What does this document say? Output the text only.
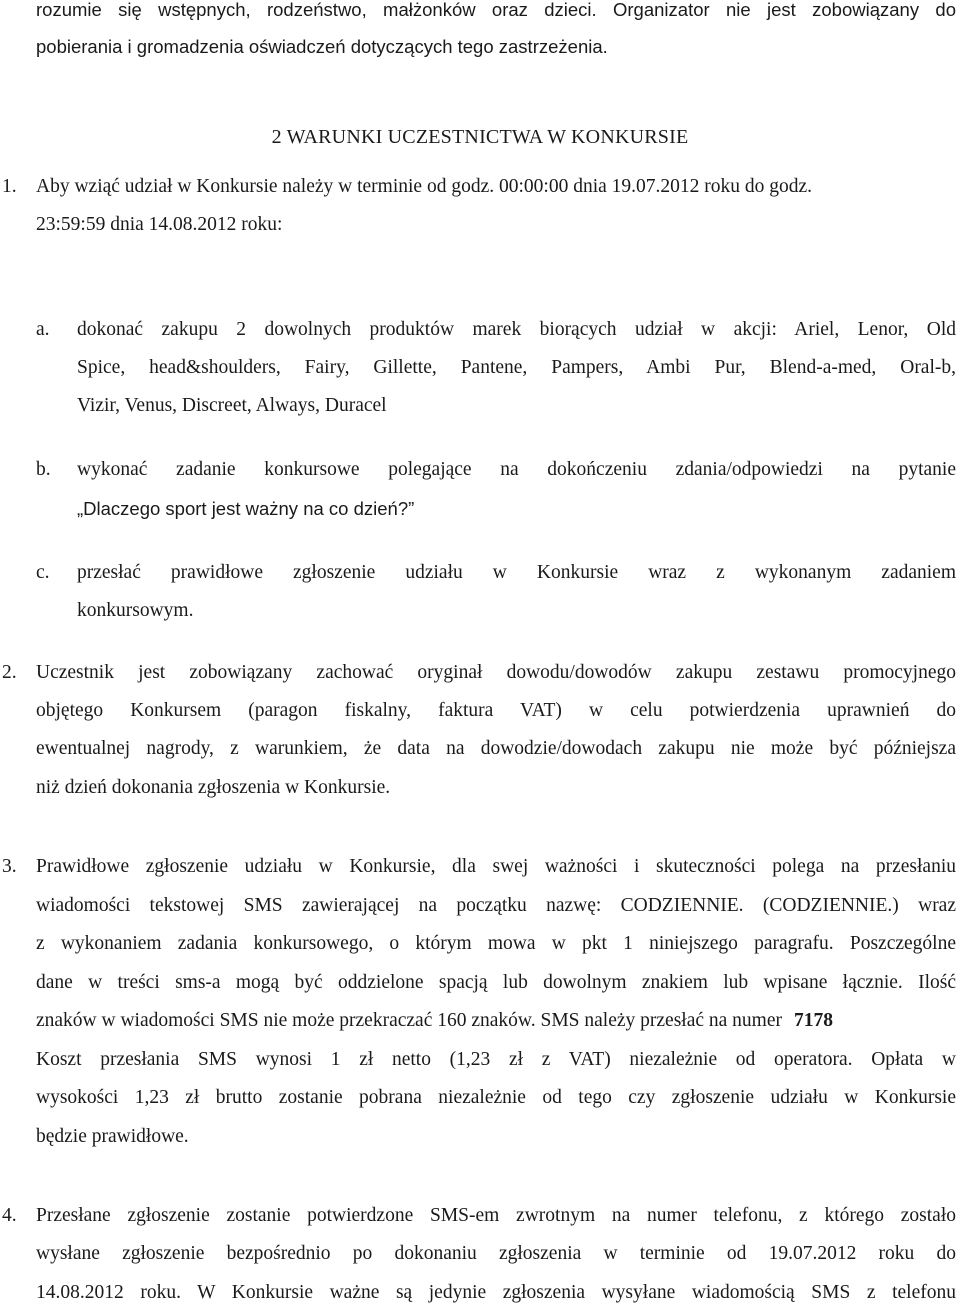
rozumie się wstępnych, rodzeństwo, małżonków oraz dzieci. Organizator nie jest zobowiązany do
pobierania i gromadzenia oświadczeń dotyczących tego zastrzeżenia.
2 WARUNKI UCZESTNICTWA W KONKURSIE
1. Aby wziąć udział w Konkursie należy w terminie od godz. 00:00:00 dnia 19.07.2012 roku do godz.
23:59:59 dnia 14.08.2012 roku:
a. dokonać zakupu 2 dowolnych produktów marek biorących udział w akcji: Ariel, Lenor, Old
Spice, head&shoulders, Fairy, Gillette, Pantene, Pampers, Ambi Pur, Blend-a-med, Oral-b,
Vizir, Venus, Discreet, Always, Duracel
b. wykonać zadanie konkursowe polegające na dokończeniu zdania/odpowiedzi na pytanie
„Dlaczego sport jest ważny na co dzień?”
c. przesłać prawidłowe zgłoszenie udziału w Konkursie wraz z wykonanym zadaniem
konkursowym.
2. Uczestnik jest zobowiązany zachować oryginał dowodu/dowodów zakupu zestawu promocyjnego
objętego Konkursem (paragon fiskalny, faktura VAT) w celu potwierdzenia uprawnień do
ewentualnej nagrody, z warunkiem, że data na dowodzie/dowodach zakupu nie może być późniejsza
niż dzień dokonania zgłoszenia w Konkursie.
3. Prawidłowe zgłoszenie udziału w Konkursie, dla swej ważności i skuteczności polega na przesłaniu
wiadomości tekstowej SMS zawierającej na początku nazwę: CODZIENNIE. (CODZIENNIE.) wraz
z wykonaniem zadania konkursowego, o którym mowa w pkt 1 niniejszego paragrafu. Poszczególne
dane w treści sms-a mogą być oddzielone spacją lub dowolnym znakiem lub wpisane łącznie. Ilość
znaków w wiadomości SMS nie może przekraczać 160 znaków. SMS należy przesłać na numer 7178
Koszt przesłania SMS wynosi 1 zł netto (1,23 zł z VAT) niezależnie od operatora. Opłata w
wysokości 1,23 zł brutto zostanie pobrana niezależnie od tego czy zgłoszenie udziału w Konkursie
będzie prawidłowe.
4. Przesłane zgłoszenie zostanie potwierdzone SMS-em zwrotnym na numer telefonu, z którego zostało
wysłane zgłoszenie bezpośrednio po dokonaniu zgłoszenia w terminie od 19.07.2012 roku do
14.08.2012 roku. W Konkursie ważne są jedynie zgłoszenia wysyłane wiadomością SMS z telefonu
